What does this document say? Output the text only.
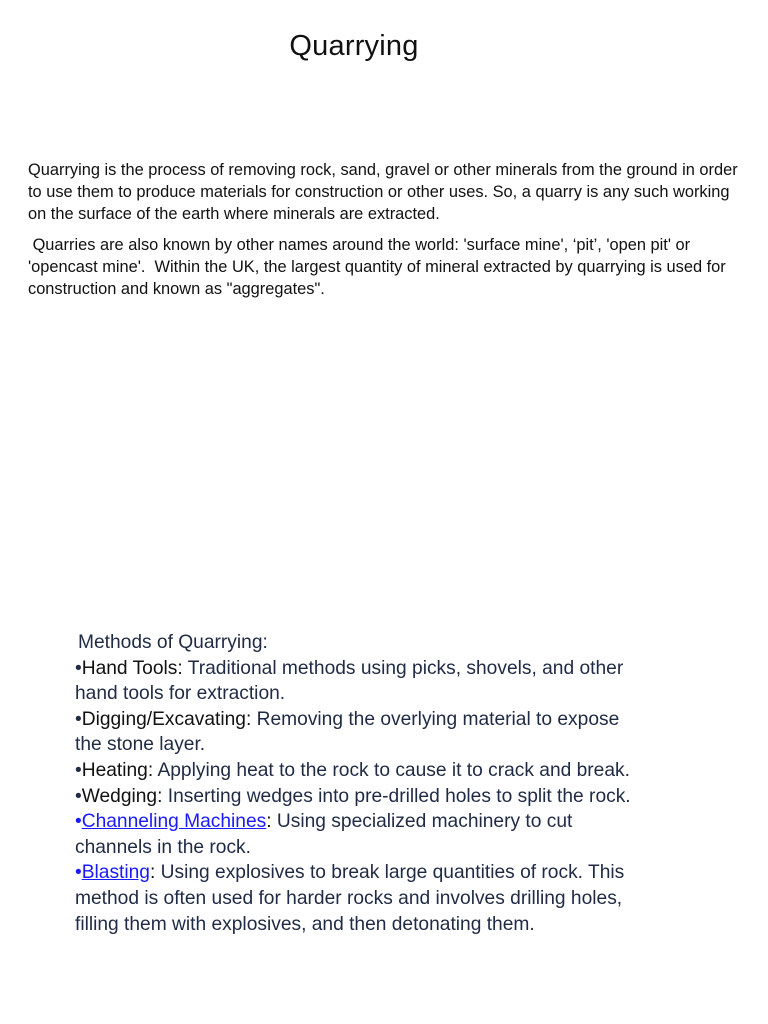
Quarrying

Quarrying is the process of removing rock, sand, gravel or other minerals from the ground in order to use them to produce materials for construction or other uses. So, a quarry is any such working on the surface of the earth where minerals are extracted.

Quarries are also known by other names around the world: 'surface mine', ‘pit’, 'open pit' or 'opencast mine'.  Within the UK, the largest quantity of mineral extracted by quarrying is used for construction and known as "aggregates".

Methods of Quarrying:
•Hand Tools: Traditional methods using picks, shovels, and other hand tools for extraction.
•Digging/Excavating: Removing the overlying material to expose the stone layer.
•Heating: Applying heat to the rock to cause it to crack and break.
•Wedging: Inserting wedges into pre-drilled holes to split the rock.
•Channeling Machines: Using specialized machinery to cut channels in the rock.
•Blasting: Using explosives to break large quantities of rock. This method is often used for harder rocks and involves drilling holes, filling them with explosives, and then detonating them.
